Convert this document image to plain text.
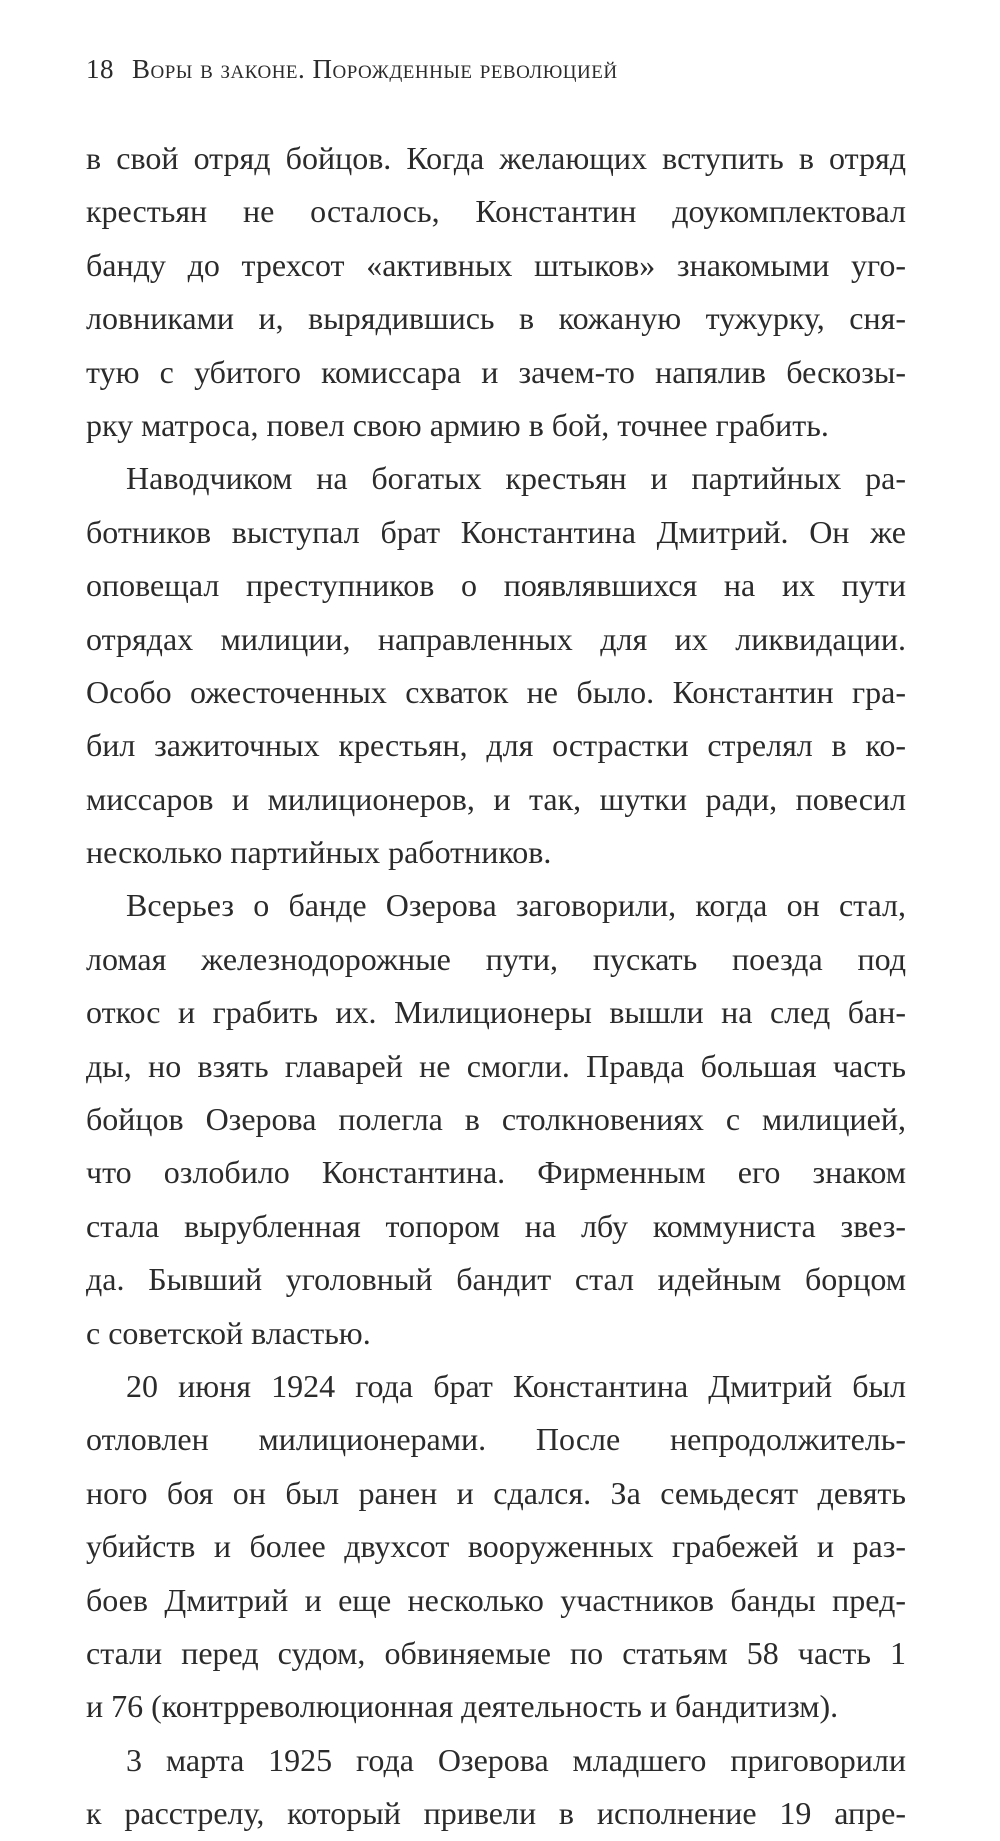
18 Воры в законе. Порожденные революцией
в свой отряд бойцов. Когда желающих вступить в отряд
крестьян не осталось, Константин доукомплектовал
банду до трехсот «активных штыков» знакомыми уго-
ловниками и, вырядившись в кожаную тужурку, сня-
тую с убитого комиссара и зачем-то напялив бескозы-
рку матроса, повел свою армию в бой, точнее грабить.
Наводчиком на богатых крестьян и партийных ра-
ботников выступал брат Константина Дмитрий. Он же
оповещал преступников о появлявшихся на их пути
отрядах милиции, направленных для их ликвидации.
Особо ожесточенных схваток не было. Константин гра-
бил зажиточных крестьян, для острастки стрелял в ко-
миссаров и милиционеров, и так, шутки ради, повесил
несколько партийных работников.
Всерьез о банде Озерова заговорили, когда он стал,
ломая железнодорожные пути, пускать поезда под
откос и грабить их. Милиционеры вышли на след бан-
ды, но взять главарей не смогли. Правда большая часть
бойцов Озерова полегла в столкновениях с милицией,
что озлобило Константина. Фирменным его знаком
стала вырубленная топором на лбу коммуниста звез-
да. Бывший уголовный бандит стал идейным борцом
с советской властью.
20 июня 1924 года брат Константина Дмитрий был
отловлен милиционерами. После непродолжитель-
ного боя он был ранен и сдался. За семьдесят девять
убийств и более двухсот вооруженных грабежей и раз-
боев Дмитрий и еще несколько участников банды пред-
стали перед судом, обвиняемые по статьям 58 часть 1
и 76 (контрреволюционная деятельность и бандитизм).
3 марта 1925 года Озерова младшего приговорили
к расстрелу, который привели в исполнение 19 апре-
